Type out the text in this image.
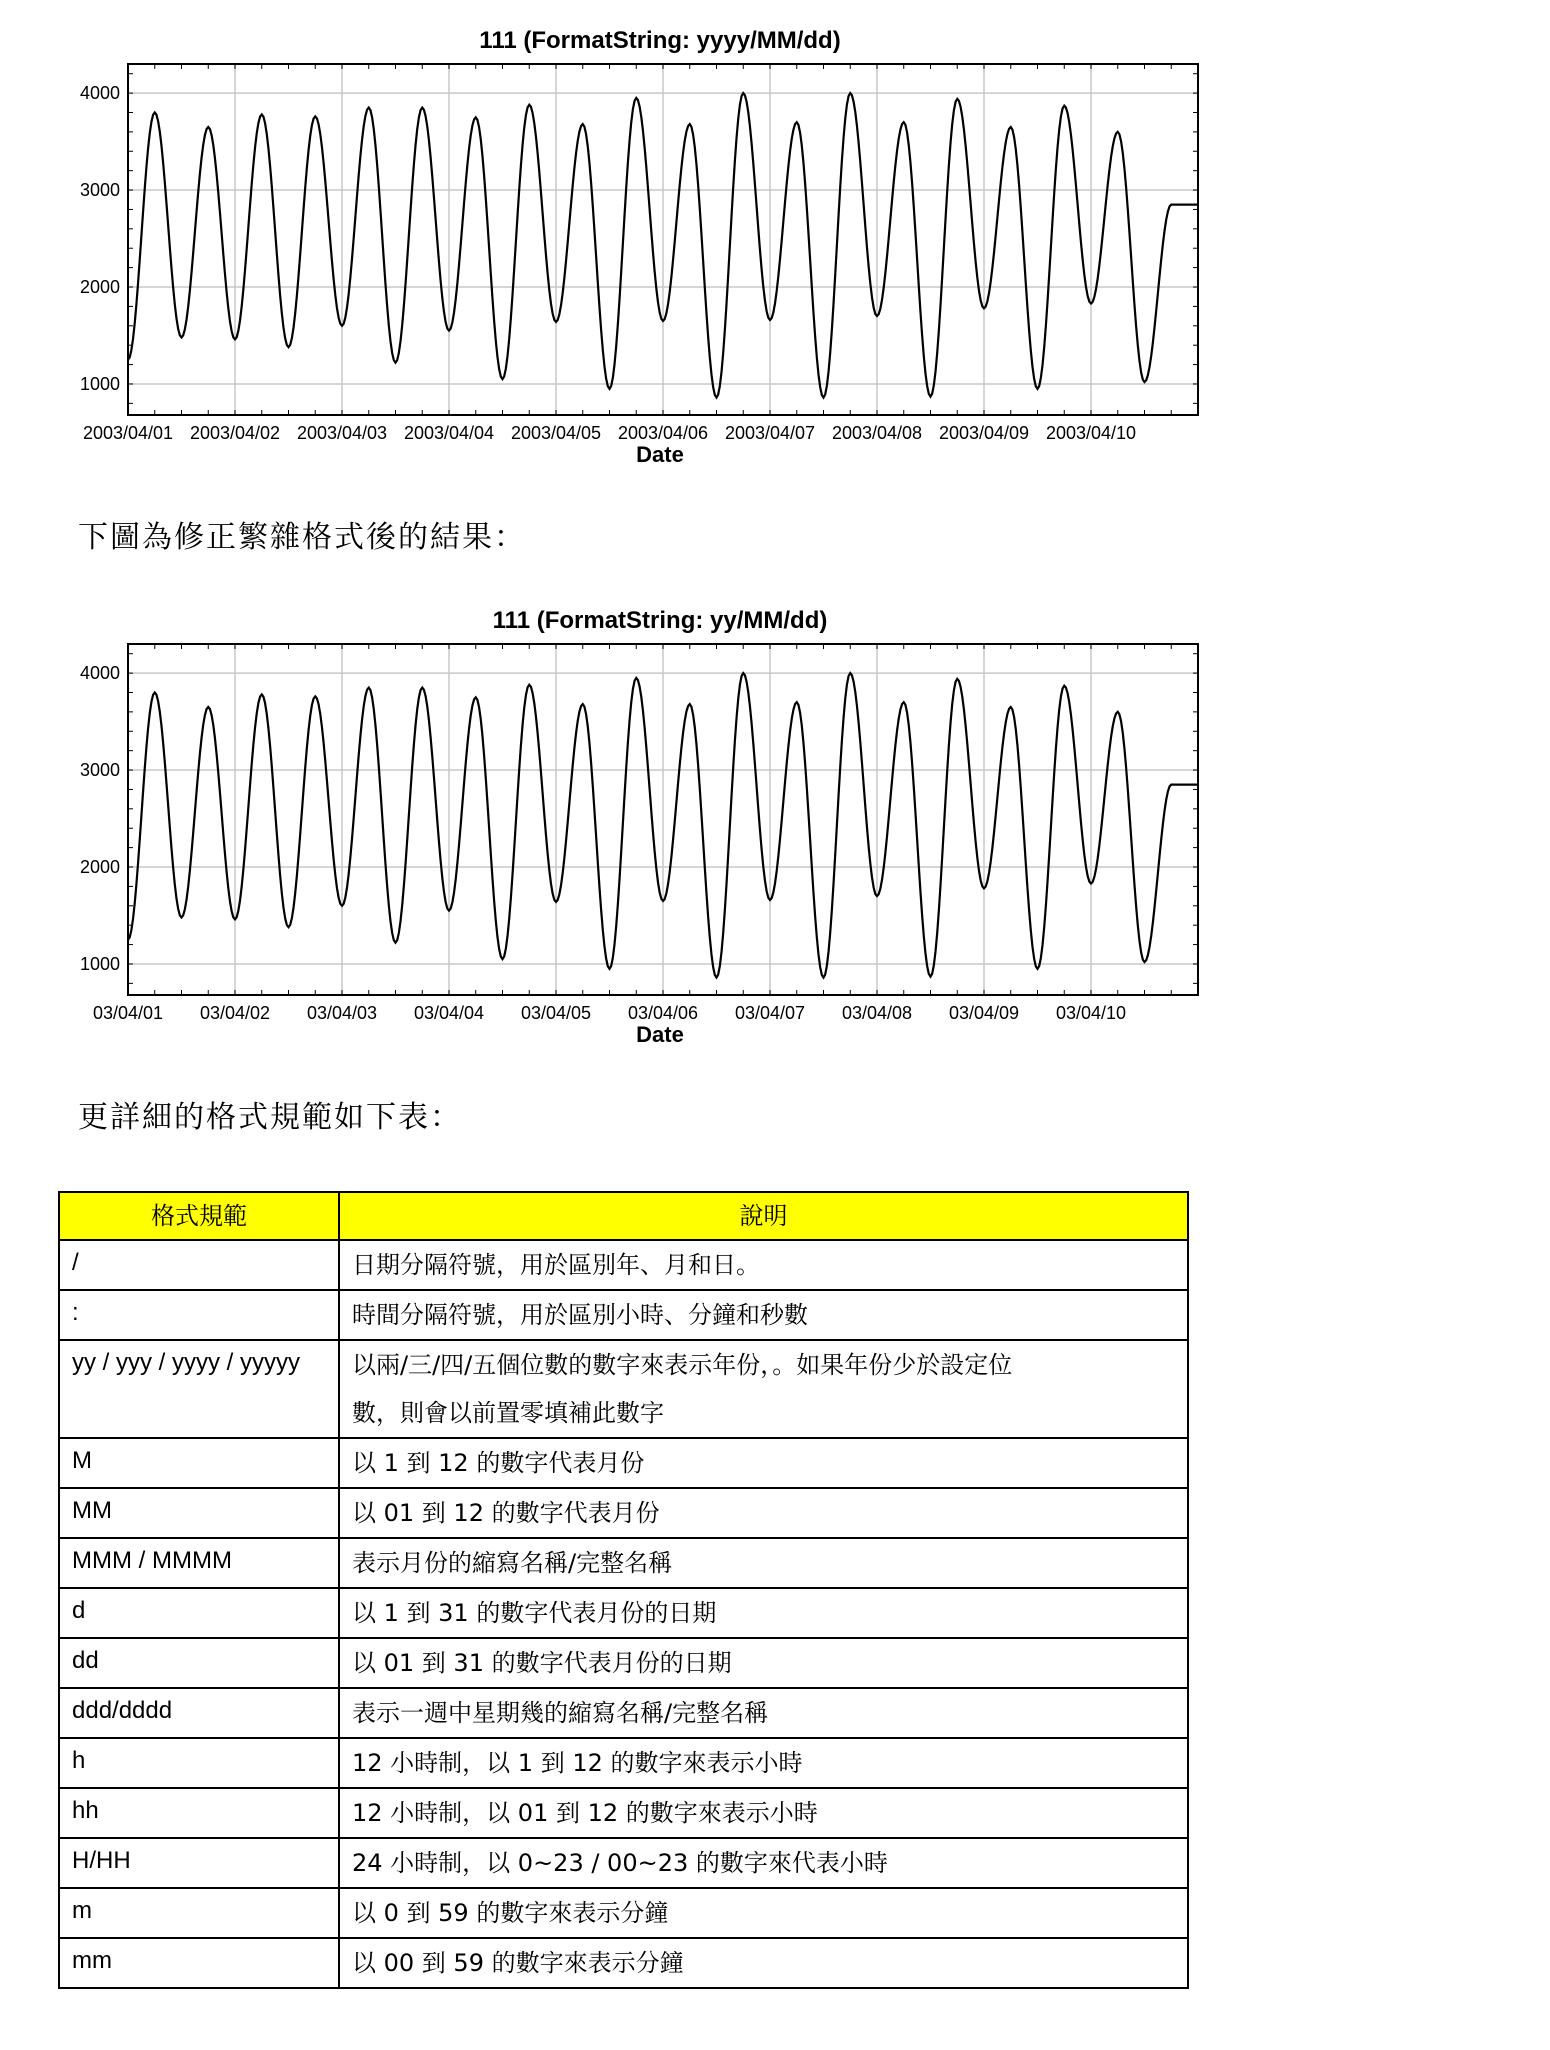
111 (FormatString: yyyy/MM/dd)
1000
2000
3000
4000
2003/04/01 2003/04/02 2003/04/03 2003/04/04 2003/04/05 2003/04/06 2003/04/07 2003/04/08 2003/04/09 2003/04/10
Date

下圖為修正繁雜格式後的結果：

111 (FormatString: yy/MM/dd)
1000
2000
3000
4000
03/04/01 03/04/02 03/04/03 03/04/04 03/04/05 03/04/06 03/04/07 03/04/08 03/04/09 03/04/10
Date

更詳細的格式規範如下表：

格式規範	說明
/	日期分隔符號，用於區別年、月和日。

:	時間分隔符號，用於區別小時、分鐘和秒數

yy / yyy / yyyy / yyyyy	以兩/三/四/五個位數的數字來表示年份，。如果年份少於設定位
數，則會以前置零填補此數字

M	以 1 到 12 的數字代表月份

MM	以 01 到 12 的數字代表月份

MMM / MMMM	表示月份的縮寫名稱/完整名稱

d	以 1 到 31 的數字代表月份的日期

dd	以 01 到 31 的數字代表月份的日期

ddd/dddd	表示一週中星期幾的縮寫名稱/完整名稱

h	12 小時制，以 1 到 12 的數字來表示小時

hh	12 小時制，以 01 到 12 的數字來表示小時

H/HH	24 小時制，以 0~23 / 00~23 的數字來代表小時

m	以 0 到 59 的數字來表示分鐘

mm	以 00 到 59 的數字來表示分鐘
